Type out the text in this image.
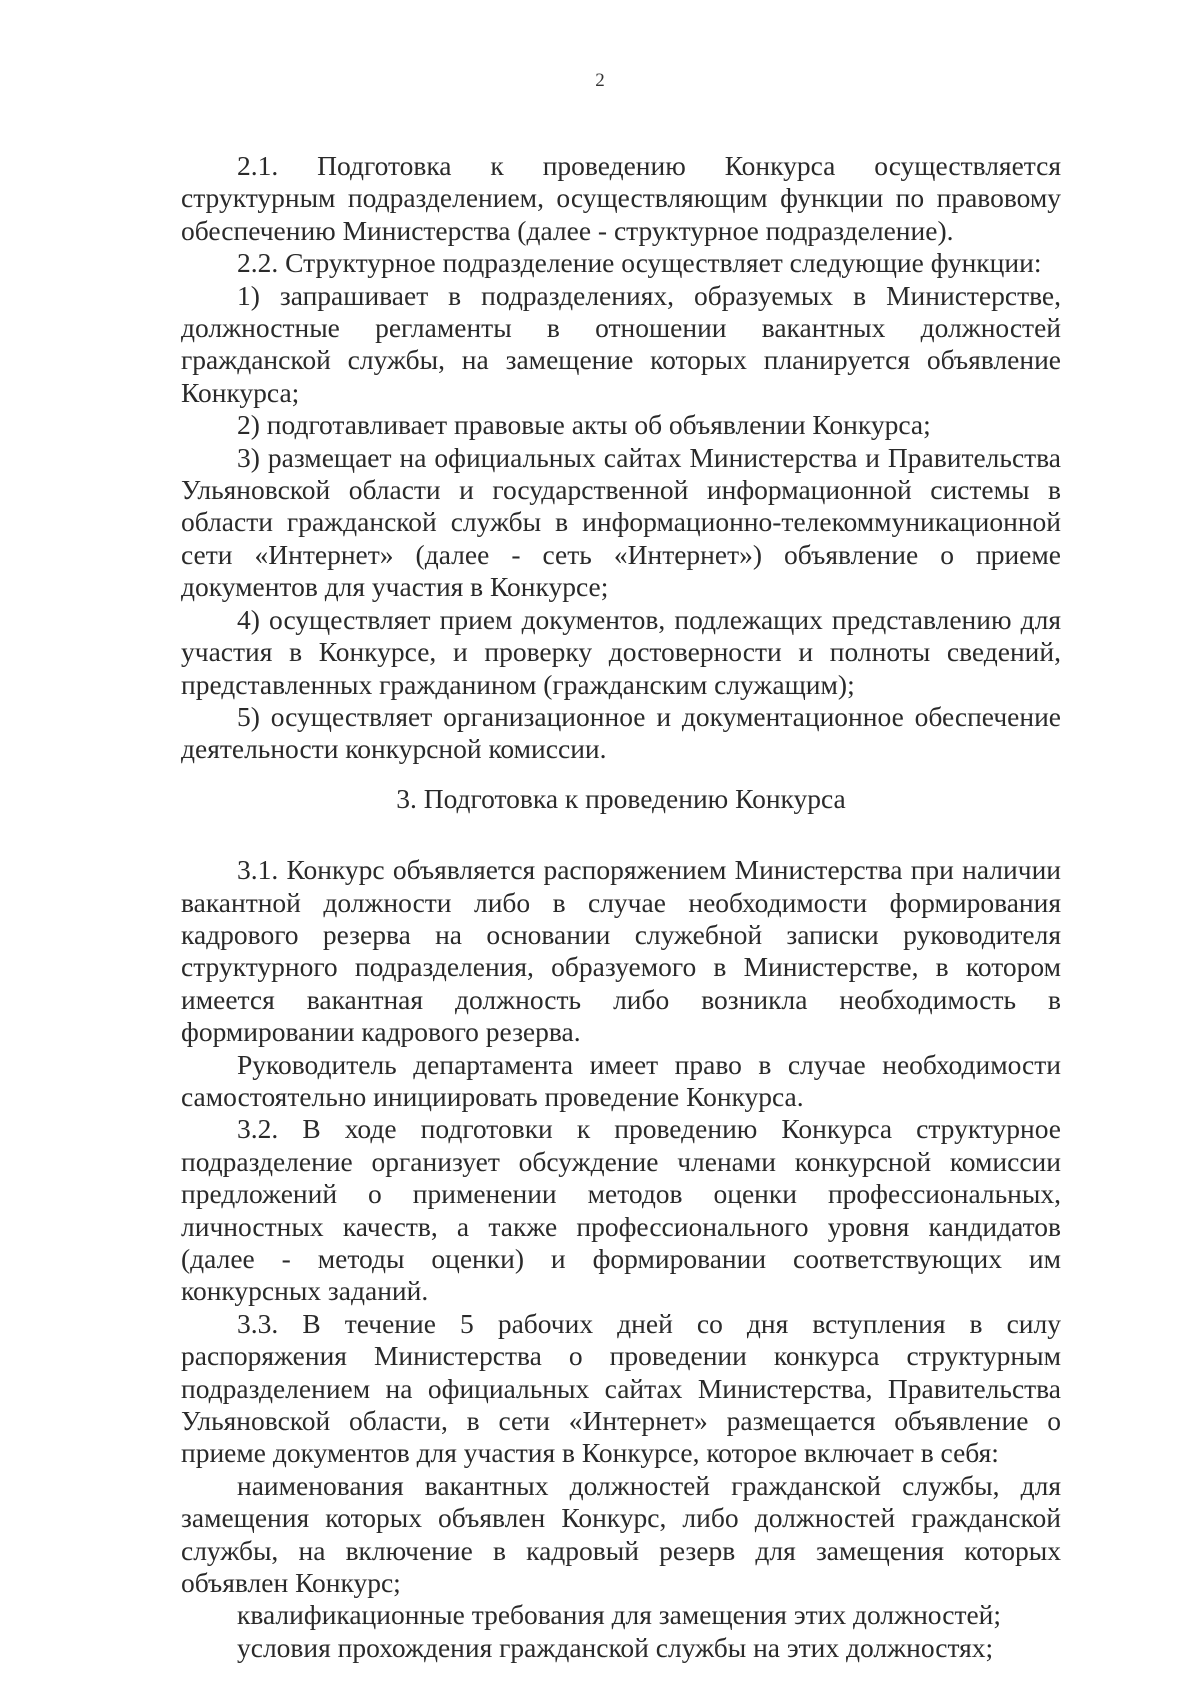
2

2.1. Подготовка к проведению Конкурса осуществляется структурным подразделением, осуществляющим функции по правовому обеспечению Министерства (далее - структурное подразделение).

2.2. Структурное подразделение осуществляет следующие функции:

1) запрашивает в подразделениях, образуемых в Министерстве, должностные регламенты в отношении вакантных должностей гражданской службы, на замещение которых планируется объявление Конкурса;

2) подготавливает правовые акты об объявлении Конкурса;

3) размещает на официальных сайтах Министерства и Правительства Ульяновской области и государственной информационной системы в области гражданской службы в информационно-телекоммуникационной сети «Интернет» (далее - сеть «Интернет») объявление о приеме документов для участия в Конкурсе;

4) осуществляет прием документов, подлежащих представлению для участия в Конкурсе, и проверку достоверности и полноты сведений, представленных гражданином (гражданским служащим);

5) осуществляет организационное и документационное обеспечение деятельности конкурсной комиссии.

3. Подготовка к проведению Конкурса

3.1. Конкурс объявляется распоряжением Министерства при наличии вакантной должности либо в случае необходимости формирования кадрового резерва на основании служебной записки руководителя структурного подразделения, образуемого в Министерстве, в котором имеется вакантная должность либо возникла необходимость в формировании кадрового резерва.

Руководитель департамента имеет право в случае необходимости самостоятельно инициировать проведение Конкурса.

3.2. В ходе подготовки к проведению Конкурса структурное подразделение организует обсуждение членами конкурсной комиссии предложений о применении методов оценки профессиональных, личностных качеств, а также профессионального уровня кандидатов (далее - методы оценки) и формировании соответствующих им конкурсных заданий.

3.3. В течение 5 рабочих дней со дня вступления в силу распоряжения Министерства о проведении конкурса структурным подразделением на официальных сайтах Министерства, Правительства Ульяновской области, в сети «Интернет» размещается объявление о приеме документов для участия в Конкурсе, которое включает в себя:

наименования вакантных должностей гражданской службы, для замещения которых объявлен Конкурс, либо должностей гражданской службы, на включение в кадровый резерв для замещения которых объявлен Конкурс;

квалификационные требования для замещения этих должностей;

условия прохождения гражданской службы на этих должностях;
